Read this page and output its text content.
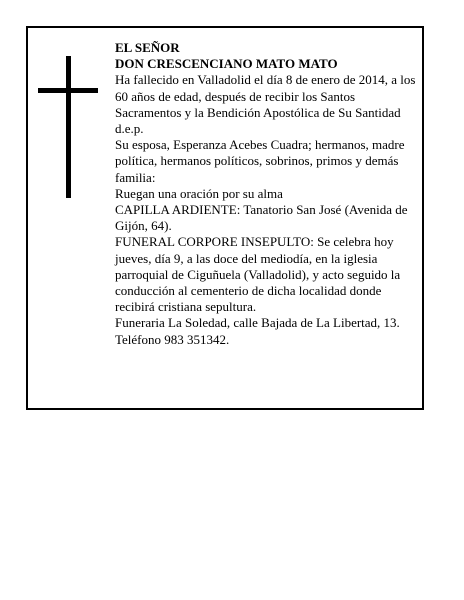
EL SEÑOR

DON CRESCENCIANO MATO MATO

Ha fallecido en Valladolid el día 8 de enero de 2014, a los 60 años de edad, después de recibir los Santos Sacramentos y la Bendición Apostólica de Su Santidad d.e.p.

Su esposa, Esperanza Acebes Cuadra; hermanos, madre política, hermanos políticos, sobrinos, primos y demás familia:

Ruegan una oración por su alma

CAPILLA ARDIENTE: Tanatorio San José (Avenida de Gijón, 64).

FUNERAL CORPORE INSEPULTO: Se celebra hoy jueves, día 9, a las doce del mediodía, en la iglesia parroquial de Ciguñuela (Valladolid), y acto seguido la conducción al cementerio de dicha localidad donde recibirá cristiana sepultura.

Funeraria La Soledad, calle Bajada de La Libertad, 13. Teléfono 983 351342.
